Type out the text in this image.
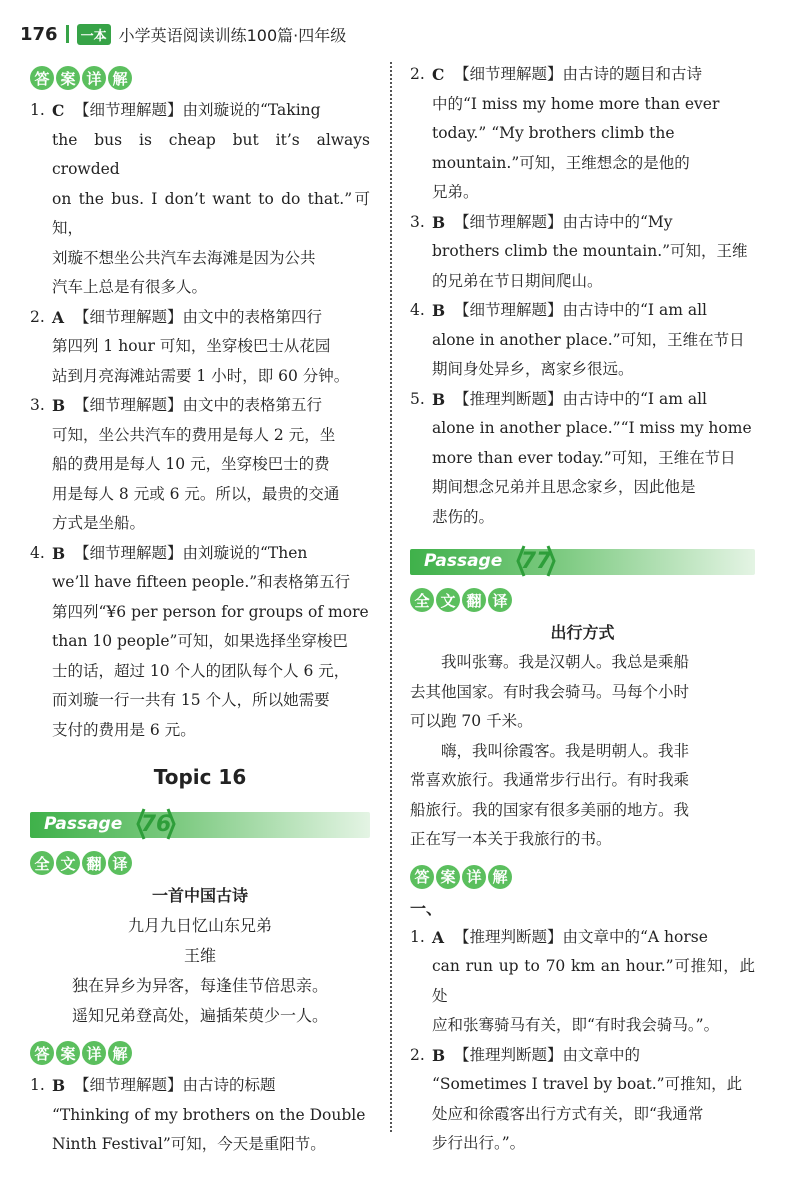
176	一本 小学英语阅读训练100篇·四年级
答 案 详 解
1. C 【细节理解题】由刘璇说的“Taking
the bus is cheap but it’s always crowded
on the bus. I don’t want to do that.”可知，
刘璇不想坐公共汽车去海滩是因为公共
汽车上总是有很多人。
2. A 【细节理解题】由文中的表格第四行
第四列 1 hour 可知，坐穿梭巴士从花园
站到月亮海滩站需要 1 小时，即 60 分钟。
3. B 【细节理解题】由文中的表格第五行
可知，坐公共汽车的费用是每人 2 元，坐
船的费用是每人 10 元，坐穿梭巴士的费
用是每人 8 元或 6 元。所以，最贵的交通
方式是坐船。
4. B 【细节理解题】由刘璇说的“Then
we’ll have fifteen people.”和表格第五行
第四列“¥6 per person for groups of more
than 10 people”可知，如果选择坐穿梭巴
士的话，超过 10 个人的团队每个人 6 元，
而刘璇一行一共有 15 个人，所以她需要
支付的费用是 6 元。
Topic 16
Passage 76
全 文 翻 译
一首中国古诗
九月九日忆山东兄弟
王维
独在异乡为异客，每逢佳节倍思亲。
遥知兄弟登高处，遍插茱萸少一人。
答 案 详 解
1. B 【细节理解题】由古诗的标题
“Thinking of my brothers on the Double
Ninth Festival”可知，今天是重阳节。
2. C 【细节理解题】由古诗的题目和古诗
中的“I miss my home more than ever
today.” “My brothers climb the
mountain.”可知，王维想念的是他的
兄弟。
3. B 【细节理解题】由古诗中的“My
brothers climb the mountain.”可知，王维
的兄弟在节日期间爬山。
4. B 【细节理解题】由古诗中的“I am all
alone in another place.”可知，王维在节日
期间身处异乡，离家乡很远。
5. B 【推理判断题】由古诗中的“I am all
alone in another place.”“I miss my home
more than ever today.”可知，王维在节日
期间想念兄弟并且思念家乡，因此他是
悲伤的。
Passage 77
全 文 翻 译
出行方式
我叫张骞。我是汉朝人。我总是乘船
去其他国家。有时我会骑马。马每个小时
可以跑 70 千米。
嗨，我叫徐霞客。我是明朝人。我非
常喜欢旅行。我通常步行出行。有时我乘
船旅行。我的国家有很多美丽的地方。我
正在写一本关于我旅行的书。
答 案 详 解
一、
1. A 【推理判断题】由文章中的“A horse
can run up to 70 km an hour.”可推知，此处
应和张骞骑马有关，即“有时我会骑马。”。
2. B 【推理判断题】由文章中的
“Sometimes I travel by boat.”可推知，此
处应和徐霞客出行方式有关，即“我通常
步行出行。”。
